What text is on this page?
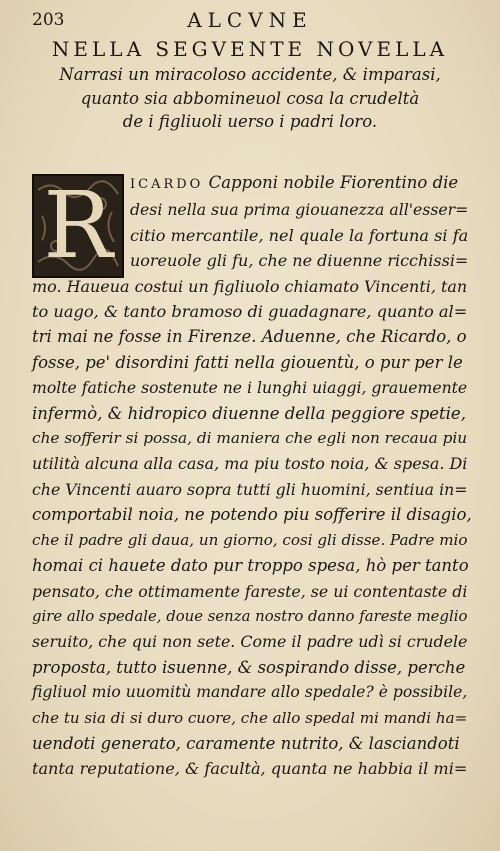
203	ALCVNE
NELLA SEGVENTE NOVELLA
Narrasi un miracoloso accidente, & imparasi,
quanto sia abbomineuol cosa la crudeltà
de i figliuoli uerso i padri loro.
R	ICARDO Capponi nobile Fiorentino die
desi nella sua prima giouanezza all'esser=
citio mercantile, nel quale la fortuna si fa
uoreuole gli fu, che ne diuenne ricchissi=
mo. Haueua costui un figliuolo chiamato Vincenti, tan
to uago, & tanto bramoso di guadagnare, quanto al=
tri mai ne fosse in Firenze. Aduenne, che Ricardo, o
fosse, pe' disordini fatti nella giouentù, o pur per le
molte fatiche sostenute ne i lunghi uiaggi, grauemente
infermò, & hidropico diuenne della peggiore spetie,
che sofferir si possa, di maniera che egli non recaua piu
utilità alcuna alla casa, ma piu tosto noia, & spesa. Di
che Vincenti auaro sopra tutti gli huomini, sentiua in=
comportabil noia, ne potendo piu sofferire il disagio,
che il padre gli daua, un giorno, cosi gli disse. Padre mio
homai ci hauete dato pur troppo spesa, hò per tanto
pensato, che ottimamente fareste, se ui contentaste di
gire allo spedale, doue senza nostro danno fareste meglio
seruito, che qui non sete. Come il padre udì si crudele
proposta, tutto isuenne, & sospirando disse, perche
figliuol mio uuomitù mandare allo spedale? è possibile,
che tu sia di si duro cuore, che allo spedal mi mandi ha=
uendoti generato, caramente nutrito, & lasciandoti
tanta reputatione, & facultà, quanta ne habbia il mi=
